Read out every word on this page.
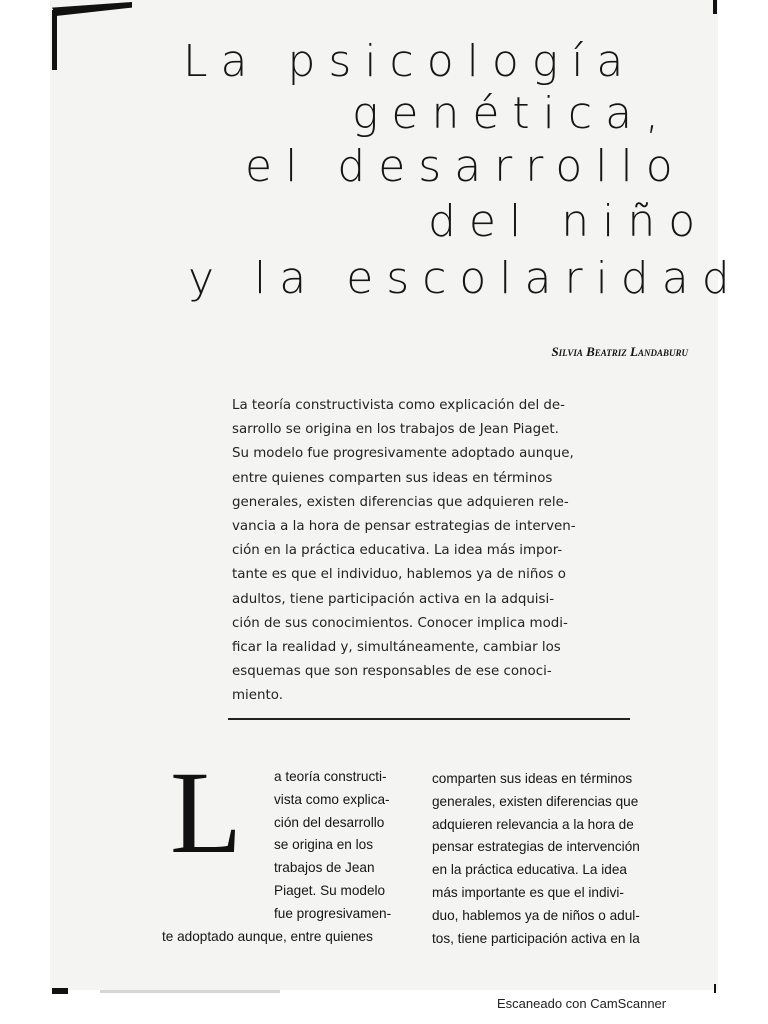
La psicología
genética,
el desarrollo
del niño
y la escolaridad

Silvia Beatriz Landaburu

La teoría constructivista como explicación del de-
sarrollo se origina en los trabajos de Jean Piaget.
Su modelo fue progresivamente adoptado aunque,
entre quienes comparten sus ideas en términos
generales, existen diferencias que adquieren rele-
vancia a la hora de pensar estrategias de interven-
ción en la práctica educativa. La idea más impor-
tante es que el individuo, hablemos ya de niños o
adultos, tiene participación activa en la adquisi-
ción de sus conocimientos. Conocer implica modi-
ficar la realidad y, simultáneamente, cambiar los
esquemas que son responsables de ese conoci-
miento.

L	a teoría constructi-
vista como explica-
ción del desarrollo
se origina en los
trabajos de Jean
Piaget. Su modelo
fue progresivamen-
te adoptado aunque, entre quienes

comparten sus ideas en términos
generales, existen diferencias que
adquieren relevancia a la hora de
pensar estrategias de intervención
en la práctica educativa. La idea
más importante es que el indivi-
duo, hablemos ya de niños o adul-
tos, tiene participación activa en la

Escaneado con CamScanner
